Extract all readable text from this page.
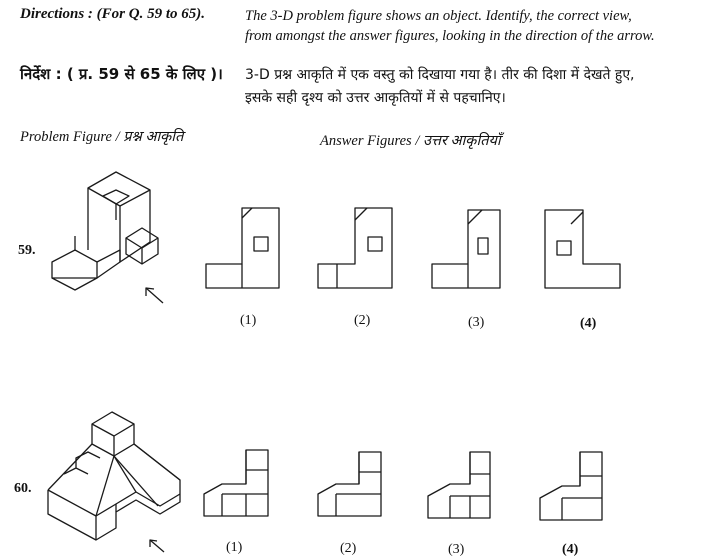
Directions : (For Q. 59 to 65).	The 3-D problem figure shows an object. Identify, the correct view,
from amongst the answer figures, looking in the direction of the arrow.
निर्देश : ( प्र. 59 से 65 के लिए )। 3-D प्रश्न आकृति में एक वस्तु को दिखाया गया है। तीर की दिशा में देखते हुए,
इसके सही दृश्य को उत्तर आकृतियों में से पहचानिए।
Problem Figure / प्रश्न आकृति	Answer Figures / उत्तर आकृतियाँ
59.
(1)	(2)	(3)	(4)
60.
(1)	(2)	(3)	(4)
